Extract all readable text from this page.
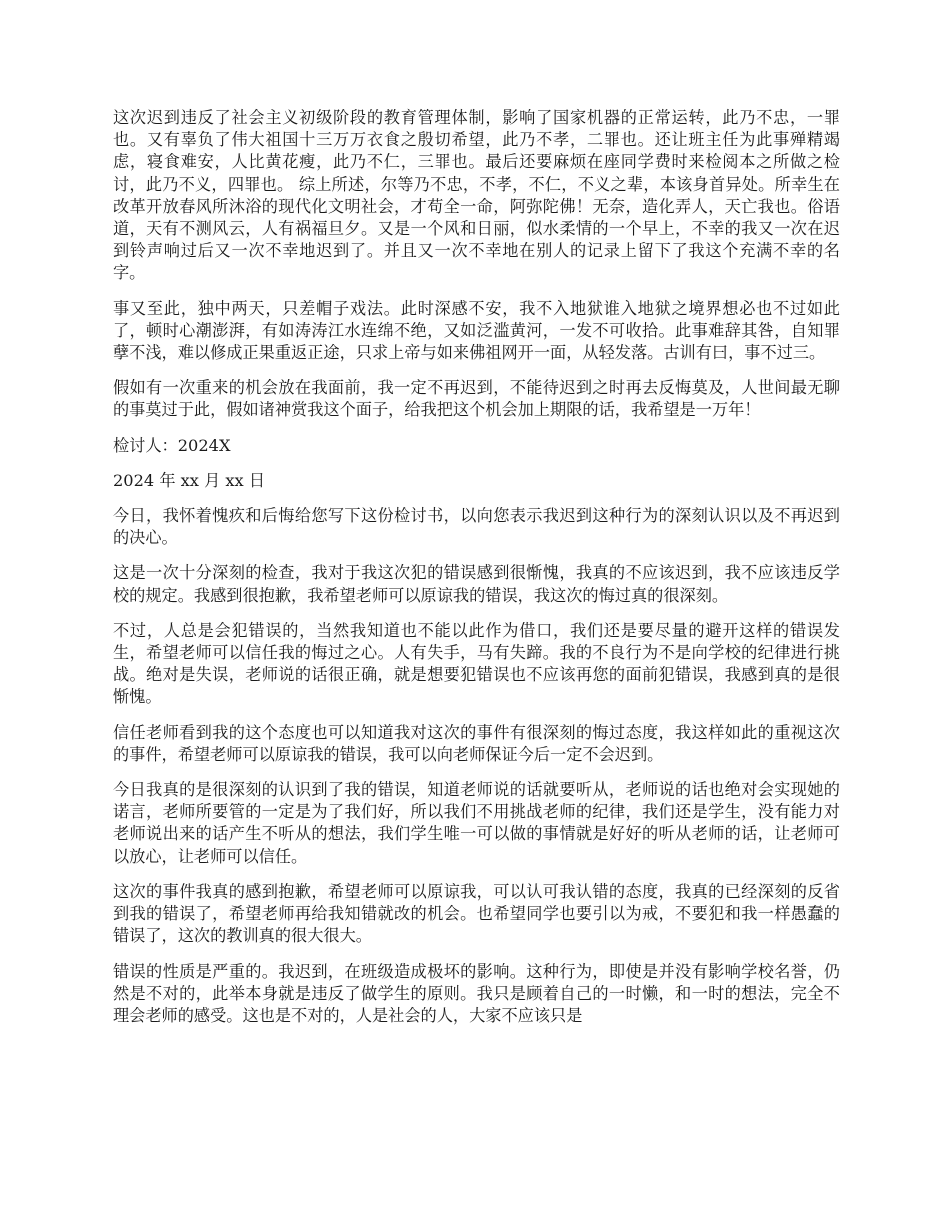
这次迟到违反了社会主义初级阶段的教育管理体制，影响了国家机器的正常运转，此乃不忠，一罪也。又有辜负了伟大祖国十三万万衣食之殷切希望，此乃不孝，二罪也。还让班主任为此事殚精竭虑，寝食难安，人比黄花瘦，此乃不仁，三罪也。最后还要麻烦在座同学费时来检阅本之所做之检讨，此乃不义，四罪也。 综上所述，尔等乃不忠，不孝，不仁，不义之辈，本该身首异处。所幸生在改革开放春风所沐浴的现代化文明社会，才苟全一命，阿弥陀佛！无奈，造化弄人，天亡我也。俗语道，天有不测风云，人有祸福旦夕。又是一个风和日丽，似水柔情的一个早上，不幸的我又一次在迟到铃声响过后又一次不幸地迟到了。并且又一次不幸地在别人的记录上留下了我这个充满不幸的名字。

事又至此，独中两天，只差帽子戏法。此时深感不安，我不入地狱谁入地狱之境界想必也不过如此了，顿时心潮澎湃，有如涛涛江水连绵不绝，又如泛滥黄河，一发不可收拾。此事难辞其咎，自知罪孽不浅，难以修成正果重返正途，只求上帝与如来佛祖网开一面，从轻发落。古训有曰，事不过三。

假如有一次重来的机会放在我面前，我一定不再迟到，不能待迟到之时再去反悔莫及，人世间最无聊的事莫过于此，假如诸神赏我这个面子，给我把这个机会加上期限的话，我希望是一万年！

检讨人：2024X

2024 年 xx 月 xx 日

今日，我怀着愧疚和后悔给您写下这份检讨书，以向您表示我迟到这种行为的深刻认识以及不再迟到的决心。

这是一次十分深刻的检查，我对于我这次犯的错误感到很惭愧，我真的不应该迟到，我不应该违反学校的规定。我感到很抱歉，我希望老师可以原谅我的错误，我这次的悔过真的很深刻。

不过，人总是会犯错误的，当然我知道也不能以此作为借口，我们还是要尽量的避开这样的错误发生，希望老师可以信任我的悔过之心。人有失手，马有失蹄。我的不良行为不是向学校的纪律进行挑战。绝对是失误，老师说的话很正确，就是想要犯错误也不应该再您的面前犯错误，我感到真的是很惭愧。

信任老师看到我的这个态度也可以知道我对这次的事件有很深刻的悔过态度，我这样如此的重视这次的事件，希望老师可以原谅我的错误，我可以向老师保证今后一定不会迟到。

今日我真的是很深刻的认识到了我的错误，知道老师说的话就要听从，老师说的话也绝对会实现她的诺言，老师所要管的一定是为了我们好，所以我们不用挑战老师的纪律，我们还是学生，没有能力对老师说出来的话产生不听从的想法，我们学生唯一可以做的事情就是好好的听从老师的话，让老师可以放心，让老师可以信任。

这次的事件我真的感到抱歉，希望老师可以原谅我，可以认可我认错的态度，我真的已经深刻的反省到我的错误了，希望老师再给我知错就改的机会。也希望同学也要引以为戒，不要犯和我一样愚蠢的错误了，这次的教训真的很大很大。

错误的性质是严重的。我迟到，在班级造成极坏的影响。这种行为，即使是并没有影响学校名誉，仍然是不对的，此举本身就是违反了做学生的原则。我只是顾着自己的一时懒，和一时的想法，完全不理会老师的感受。这也是不对的，人是社会的人，大家不应该只是
